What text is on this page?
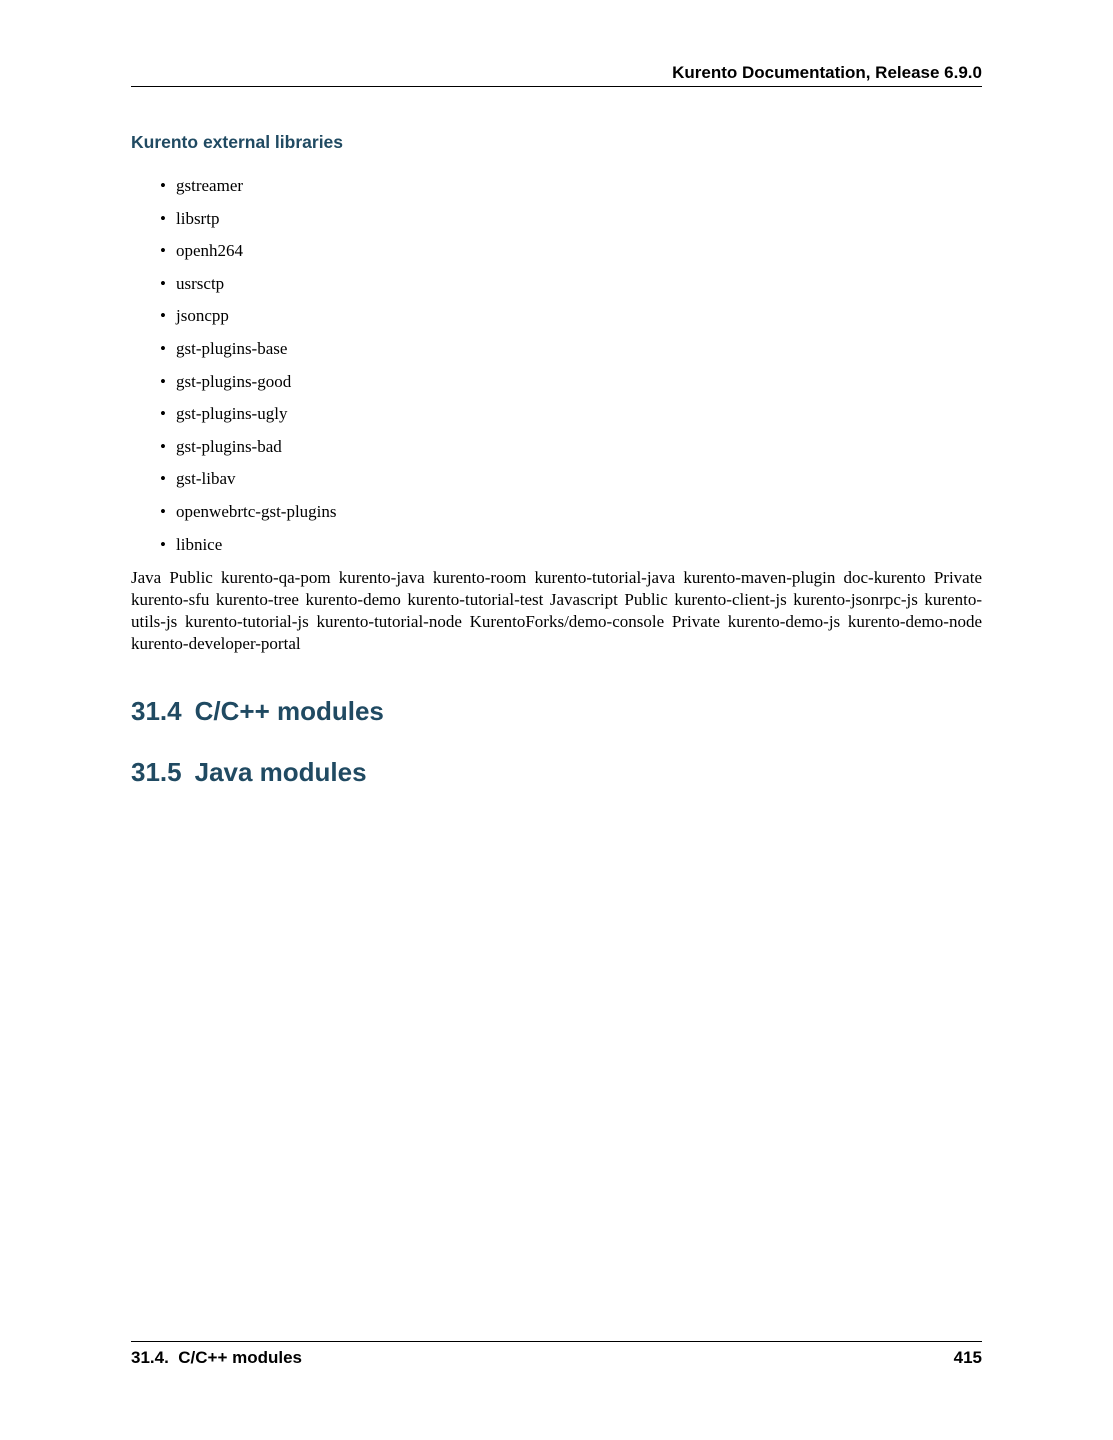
Kurento Documentation, Release 6.9.0
Kurento external libraries
• gstreamer
• libsrtp
• openh264
• usrsctp
• jsoncpp
• gst-plugins-base
• gst-plugins-good
• gst-plugins-ugly
• gst-plugins-bad
• gst-libav
• openwebrtc-gst-plugins
• libnice

Java Public kurento-qa-pom kurento-java kurento-room kurento-tutorial-java kurento-maven-plugin doc-kurento Private kurento-sfu kurento-tree kurento-demo kurento-tutorial-test Javascript Public kurento-client-js kurento-jsonrpc-js kurento-utils-js kurento-tutorial-js kurento-tutorial-node KurentoForks/demo-console Private kurento-demo-js kurento-demo-node kurento-developer-portal

31.4 C/C++ modules
31.5 Java modules
31.4.  C/C++ modules	415
